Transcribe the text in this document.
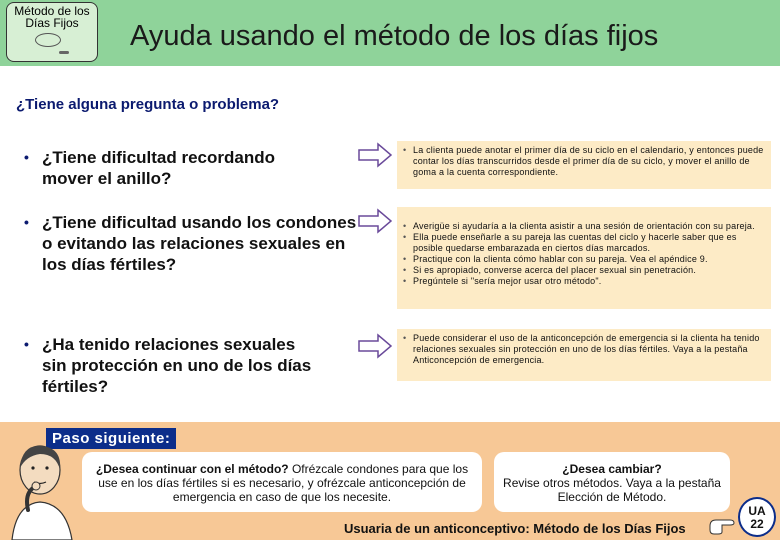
Método de los
Días Fijos	Ayuda usando el método de los días fijos
¿Tiene alguna pregunta o problema?
• ¿Tiene dificultad recordando mover el anillo?
• La clienta puede anotar el primer día de su ciclo en el calendario, y entonces puede contar los días transcurridos desde el primer día de su ciclo, y mover el anillo de goma a la cuenta correspondiente.
• ¿Tiene dificultad usando los condones o evitando las relaciones sexuales en los días fértiles?
• Averigüe si ayudaría a la clienta asistir a una sesión de orientación con su pareja.
• Ella puede enseñarle a su pareja las cuentas del ciclo y hacerle saber que es posible quedarse embarazada en ciertos días marcados.
• Practique con la clienta cómo hablar con su pareja. Vea el apéndice 9.
• Si es apropiado, converse acerca del placer sexual sin penetración.
• Pregúntele si "sería mejor usar otro método".
• ¿Ha tenido relaciones sexuales sin protección en uno de los días fértiles?
• Puede considerar el uso de la anticoncepción de emergencia si la clienta ha tenido relaciones sexuales sin protección en uno de los días fértiles. Vaya a la pestaña Anticoncepción de emergencia.
Paso siguiente:
¿Desea continuar con el método? Ofrézcale condones para que los use en los días fértiles si es necesario, y ofrézcale anticoncepción de emergencia en caso de que los necesite.
¿Desea cambiar?
Revise otros métodos. Vaya a la pestaña Elección de Método.
Usuaria de un anticonceptivo: Método de los Días Fijos
UA
22
